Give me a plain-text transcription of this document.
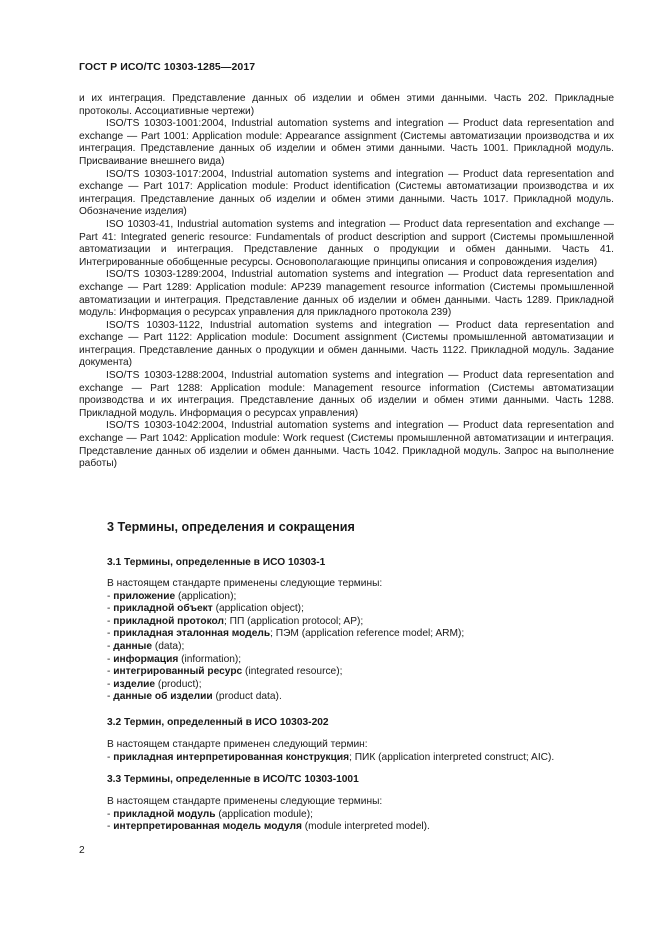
ГОСТ Р ИСО/ТС 10303-1285—2017

и их интеграция. Представление данных об изделии и обмен этими данными. Часть 202. Прикладные протоколы. Ассоциативные чертежи)

ISO/TS 10303-1001:2004, Industrial automation systems and integration — Product data representation and exchange — Part 1001: Application module: Appearance assignment (Системы автоматизации производства и их интеграция. Представление данных об изделии и обмен этими данными. Часть 1001. Прикладной модуль. Присваивание внешнего вида)

ISO/TS 10303-1017:2004, Industrial automation systems and integration — Product data representation and exchange — Part 1017: Application module: Product identification (Системы автоматизации производства и их интеграция. Представление данных об изделии и обмен этими данными. Часть 1017. Прикладной модуль. Обозначение изделия)

ISO 10303-41, Industrial automation systems and integration — Product data representation and exchange — Part 41: Integrated generic resource: Fundamentals of product description and support (Системы промышленной автоматизации и интеграция. Представление данных о продукции и обмен данными. Часть 41. Интегрированные обобщенные ресурсы. Основополагающие принципы описания и сопровождения изделия)

ISO/TS 10303-1289:2004, Industrial automation systems and integration — Product data representation and exchange — Part 1289: Application module: AP239 management resource information (Системы промышленной автоматизации и интеграция. Представление данных об изделии и обмен данными. Часть 1289. Прикладной модуль: Информация о ресурсах управления для прикладного протокола 239)

ISO/TS 10303-1122, Industrial automation systems and integration — Product data representation and exchange — Part 1122: Application module: Document assignment (Системы промышленной автоматизации и интеграция. Представление данных о продукции и обмен данными. Часть 1122. Прикладной модуль. Задание документа)

ISO/TS 10303-1288:2004, Industrial automation systems and integration — Product data representation and exchange — Part 1288: Application module: Management resource information (Системы автоматизации производства и их интеграция. Представление данных об изделии и обмен этими данными. Часть 1288. Прикладной модуль. Информация о ресурсах управления)

ISO/TS 10303-1042:2004, Industrial automation systems and integration — Product data representation and exchange — Part 1042: Application module: Work request (Системы промышленной автоматизации и интеграция. Представление данных об изделии и обмен данными. Часть 1042. Прикладной модуль. Запрос на выполнение работы)

3 Термины, определения и сокращения
3.1 Термины, определенные в ИСО 10303-1

В настоящем стандарте применены следующие термины:

- приложение (application);

- прикладной объект (application object);

- прикладной протокол; ПП (application protocol; AP);

- прикладная эталонная модель; ПЭМ (application reference model; ARM);

- данные (data);

- информация (information);

- интегрированный ресурс (integrated resource);

- изделие (product);

- данные об изделии (product data).

3.2 Термин, определенный в ИСО 10303-202

В настоящем стандарте применен следующий термин:

- прикладная интерпретированная конструкция; ПИК (application interpreted construct; AIC).

3.3 Термины, определенные в ИСО/ТС 10303-1001

В настоящем стандарте применены следующие термины:

- прикладной модуль (application module);

- интерпретированная модель модуля (module interpreted model).

2
